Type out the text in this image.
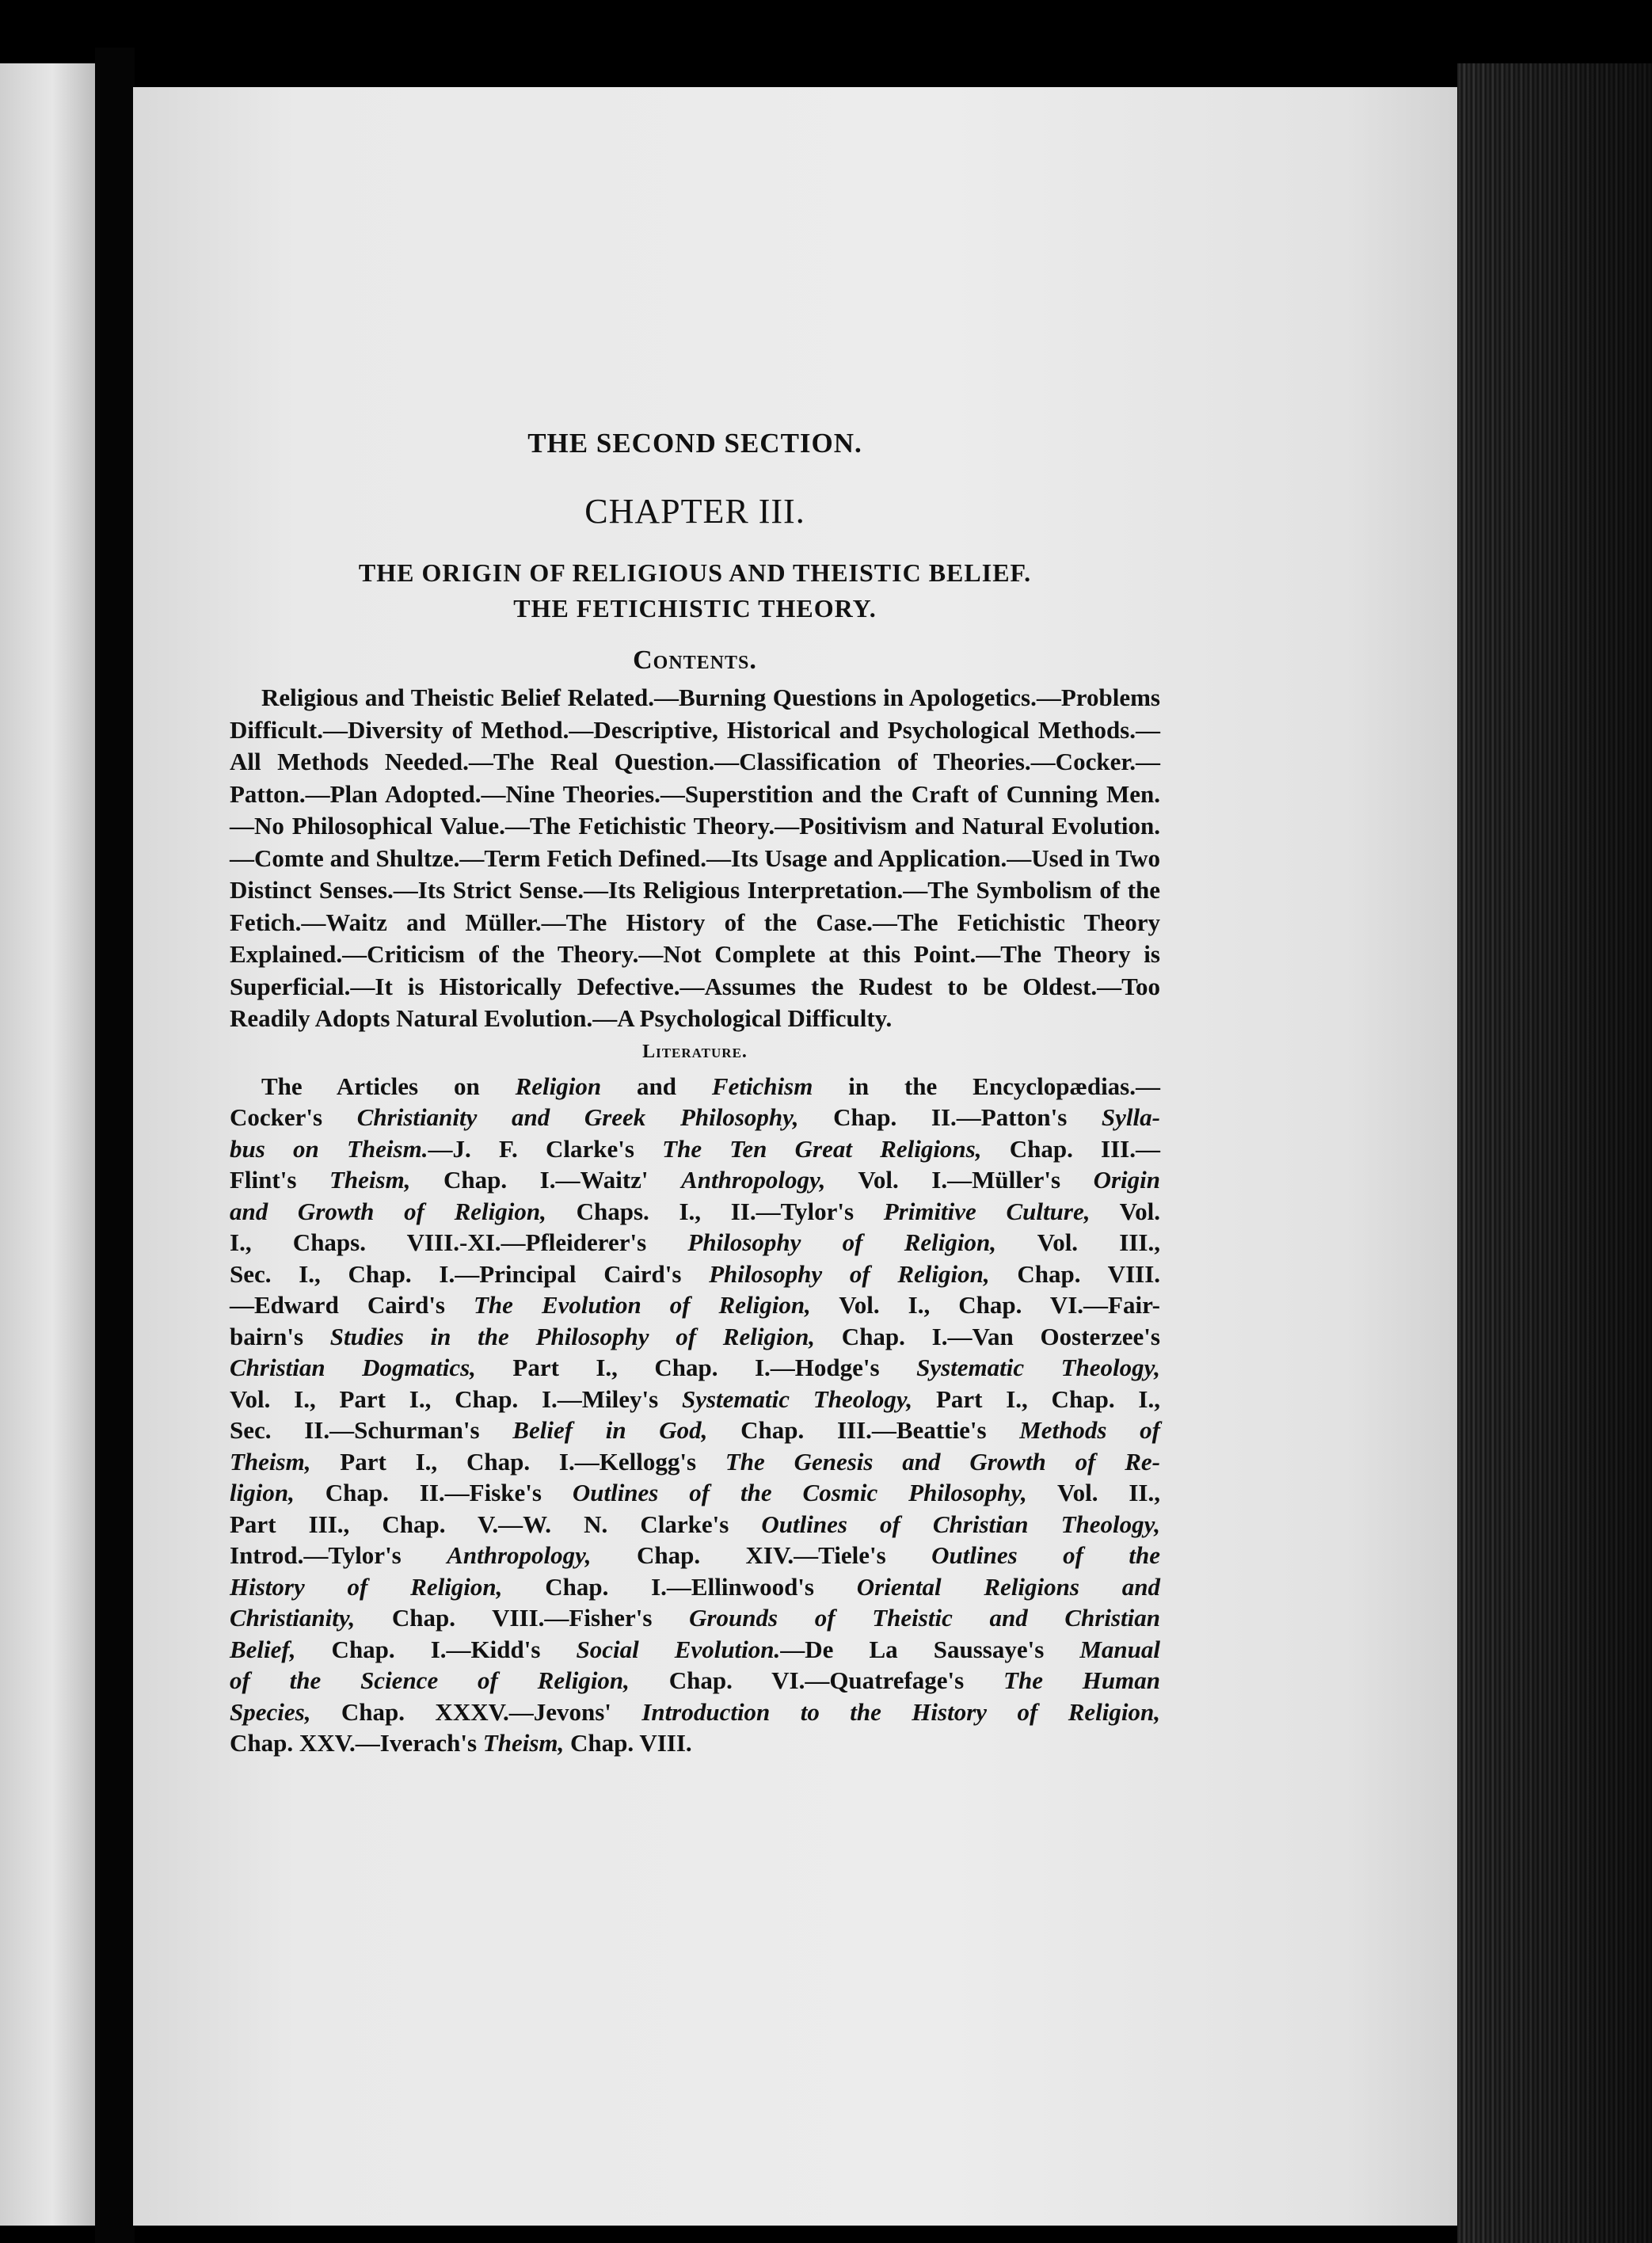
THE SECOND SECTION.
CHAPTER III.
THE ORIGIN OF RELIGIOUS AND THEISTIC BELIEF.
THE FETICHISTIC THEORY.
Contents.
Religious and Theistic Belief Related.—Burning Questions in Apologetics.—Problems Difficult.—Diversity of Method.—Descriptive, Historical and Psychological Methods.—All Methods Needed.—The Real Question.—Classification of Theories.—Cocker.—Patton.—Plan Adopted.—Nine Theories.—Superstition and the Craft of Cunning Men.—No Philosophical Value.—The Fetichistic Theory.—Positivism and Natural Evolution.—Comte and Shultze.—Term Fetich Defined.—Its Usage and Application.—Used in Two Distinct Senses.—Its Strict Sense.—Its Religious Interpretation.—The Symbolism of the Fetich.—Waitz and Müller.—The History of the Case.—The Fetichistic Theory Explained.—Criticism of the Theory.—Not Complete at this Point.—The Theory is Superficial.—It is Historically Defective.—Assumes the Rudest to be Oldest.—Too Readily Adopts Natural Evolution.—A Psychological Difficulty.
Literature.
The Articles on Religion and Fetichism in the Encyclopædias.—
Cocker's Christianity and Greek Philosophy, Chap. II.—Patton's Sylla-
bus on Theism.—J. F. Clarke's The Ten Great Religions, Chap. III.—
Flint's Theism, Chap. I.—Waitz' Anthropology, Vol. I.—Müller's Origin
and Growth of Religion, Chaps. I., II.—Tylor's Primitive Culture, Vol.
I., Chaps. VIII.-XI.—Pfleiderer's Philosophy of Religion, Vol. III.,
Sec. I., Chap. I.—Principal Caird's Philosophy of Religion, Chap. VIII.
—Edward Caird's The Evolution of Religion, Vol. I., Chap. VI.—Fair-
bairn's Studies in the Philosophy of Religion, Chap. I.—Van Oosterzee's
Christian Dogmatics, Part I., Chap. I.—Hodge's Systematic Theology,
Vol. I., Part I., Chap. I.—Miley's Systematic Theology, Part I., Chap. I.,
Sec. II.—Schurman's Belief in God, Chap. III.—Beattie's Methods of
Theism, Part I., Chap. I.—Kellogg's The Genesis and Growth of Re-
ligion, Chap. II.—Fiske's Outlines of the Cosmic Philosophy, Vol. II.,
Part III., Chap. V.—W. N. Clarke's Outlines of Christian Theology,
Introd.—Tylor's Anthropology, Chap. XIV.—Tiele's Outlines of the
History of Religion, Chap. I.—Ellinwood's Oriental Religions and
Christianity, Chap. VIII.—Fisher's Grounds of Theistic and Christian
Belief, Chap. I.—Kidd's Social Evolution.—De La Saussaye's Manual
of the Science of Religion, Chap. VI.—Quatrefage's The Human
Species, Chap. XXXV.—Jevons' Introduction to the History of Religion,
Chap. XXV.—Iverach's Theism, Chap. VIII.
